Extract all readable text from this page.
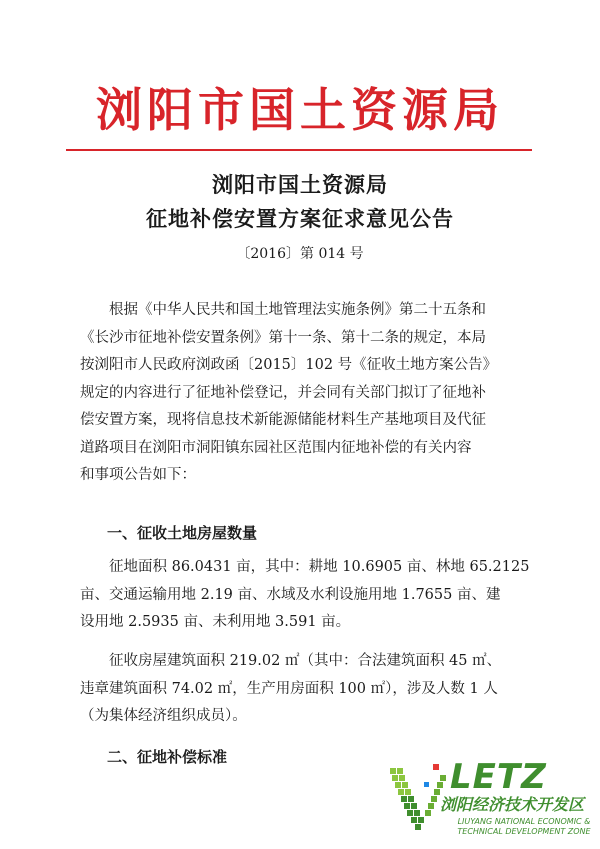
浏阳市国土资源局
浏阳市国土资源局
征地补偿安置方案征求意见公告
〔2016〕第 014 号

根据《中华人民共和国土地管理法实施条例》第二十五条和
《长沙市征地补偿安置条例》第十一条、第十二条的规定，本局
按浏阳市人民政府浏政函〔2015〕102 号《征收土地方案公告》
规定的内容进行了征地补偿登记，并会同有关部门拟订了征地补
偿安置方案，现将信息技术新能源储能材料生产基地项目及代征
道路项目在浏阳市洞阳镇东园社区范围内征地补偿的有关内容
和事项公告如下：

一、征收土地房屋数量

征地面积 86.0431 亩，其中：耕地 10.6905 亩、林地 65.2125
亩、交通运输用地 2.19 亩、水域及水利设施用地 1.7655 亩、建
设用地 2.5935 亩、未利用地 3.591 亩。

征收房屋建筑面积 219.02 ㎡（其中：合法建筑面积 45 ㎡、
违章建筑面积 74.02 ㎡，生产用房面积 100 ㎡），涉及人数 1 人
（为集体经济组织成员）。

二、征地补偿标准	LETZ
浏阳经济技术开发区
LIUYANG NATIONAL ECONOMIC & TECHNICAL DEVELOPMENT ZONE
